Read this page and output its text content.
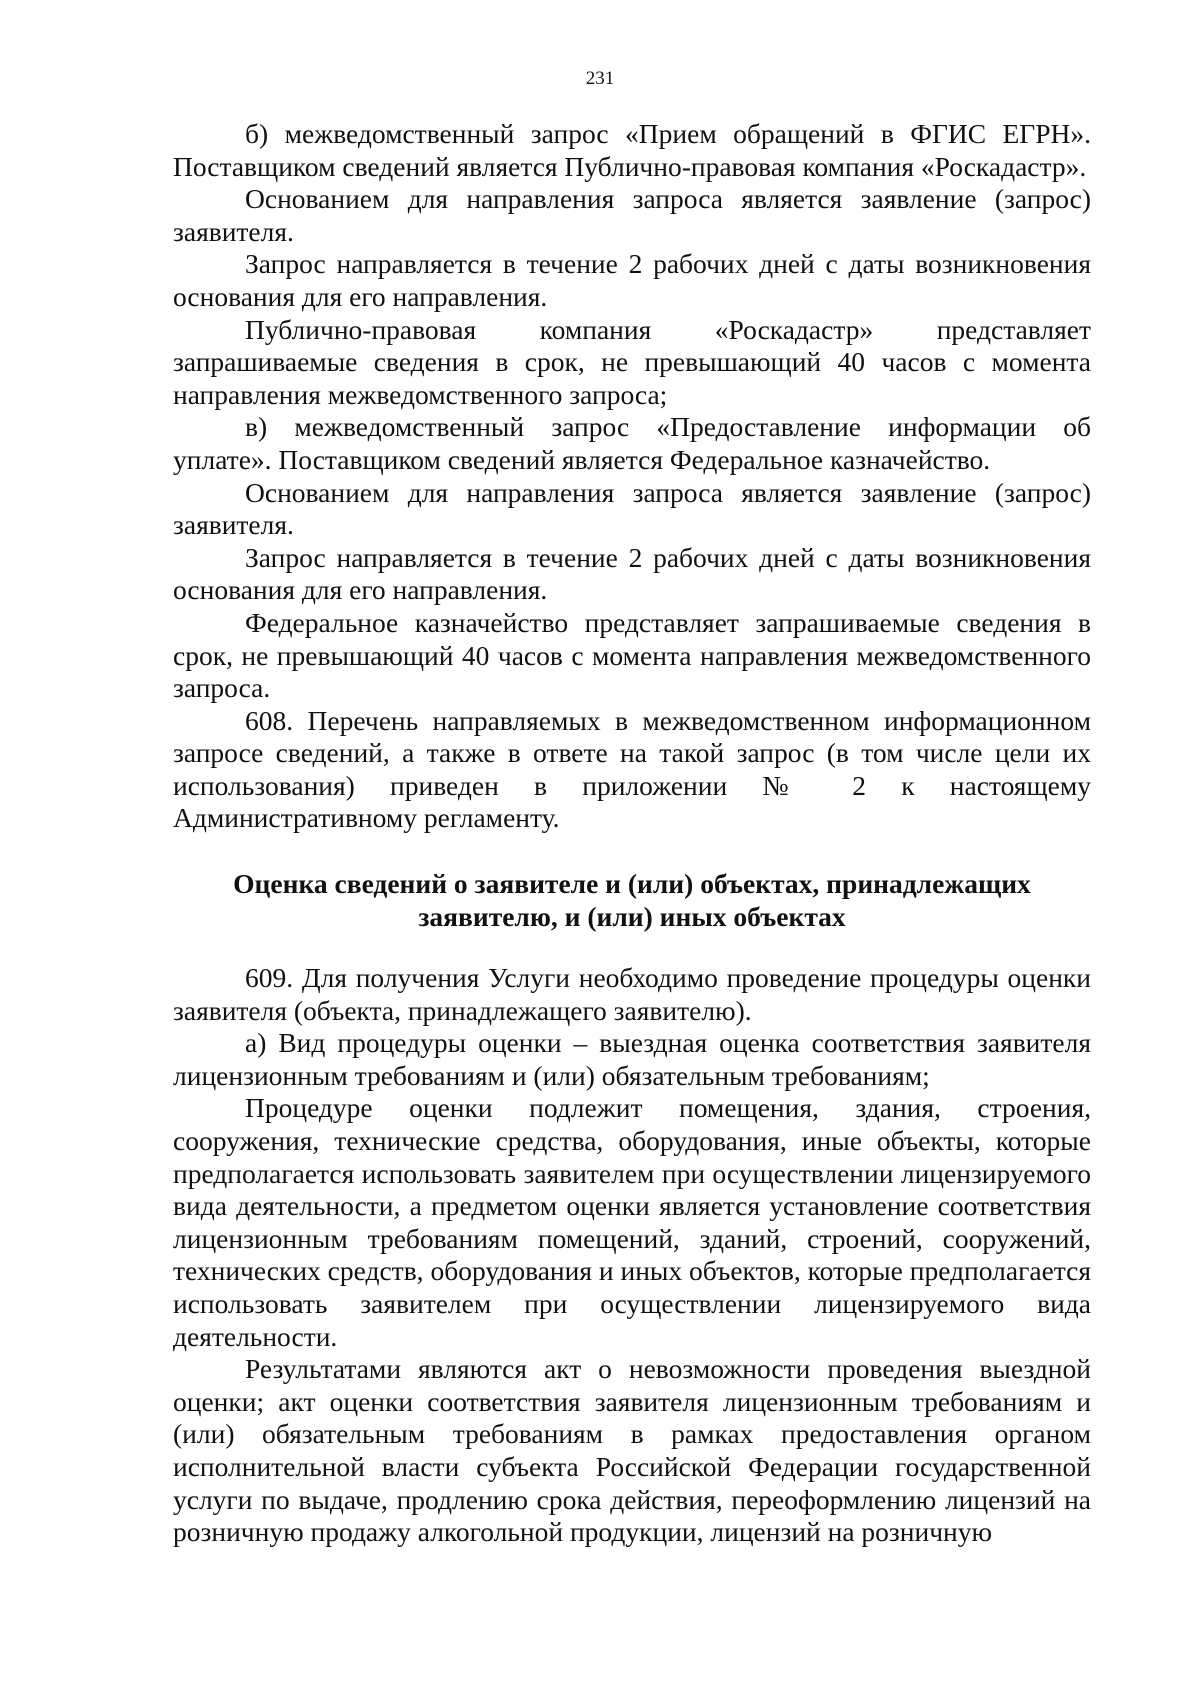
231

б) межведомственный запрос «Прием обращений в ФГИС ЕГРН». Поставщиком сведений является Публично-правовая компания «Роскадастр».

Основанием для направления запроса является заявление (запрос) заявителя.

Запрос направляется в течение 2 рабочих дней с даты возникновения основания для его направления.

Публично-правовая компания «Роскадастр» представляет запрашиваемые сведения в срок, не превышающий 40 часов с момента направления межведомственного запроса;

в) межведомственный запрос «Предоставление информации об уплате». Поставщиком сведений является Федеральное казначейство.

Основанием для направления запроса является заявление (запрос) заявителя.

Запрос направляется в течение 2 рабочих дней с даты возникновения основания для его направления.

Федеральное казначейство представляет запрашиваемые сведения в срок, не превышающий 40 часов с момента направления межведомственного запроса.

608. Перечень направляемых в межведомственном информационном запросе сведений, а также в ответе на такой запрос (в том числе цели их использования) приведен в приложении № 2 к настоящему Административному регламенту.

Оценка сведений о заявителе и (или) объектах, принадлежащих
заявителю, и (или) иных объектах

609. Для получения Услуги необходимо проведение процедуры оценки заявителя (объекта, принадлежащего заявителю).

а) Вид процедуры оценки – выездная оценка соответствия заявителя лицензионным требованиям и (или) обязательным требованиям;

Процедуре оценки подлежит помещения, здания, строения, сооружения, технические средства, оборудования, иные объекты, которые предполагается использовать заявителем при осуществлении лицензируемого вида деятельности, а предметом оценки является установление соответствия лицензионным требованиям помещений, зданий, строений, сооружений, технических средств, оборудования и иных объектов, которые предполагается использовать заявителем при осуществлении лицензируемого вида деятельности.

Результатами являются акт о невозможности проведения выездной оценки; акт оценки соответствия заявителя лицензионным требованиям и (или) обязательным требованиям в рамках предоставления органом исполнительной власти субъекта Российской Федерации государственной услуги по выдаче, продлению срока действия, переоформлению лицензий на розничную продажу алкогольной продукции, лицензий на розничную
